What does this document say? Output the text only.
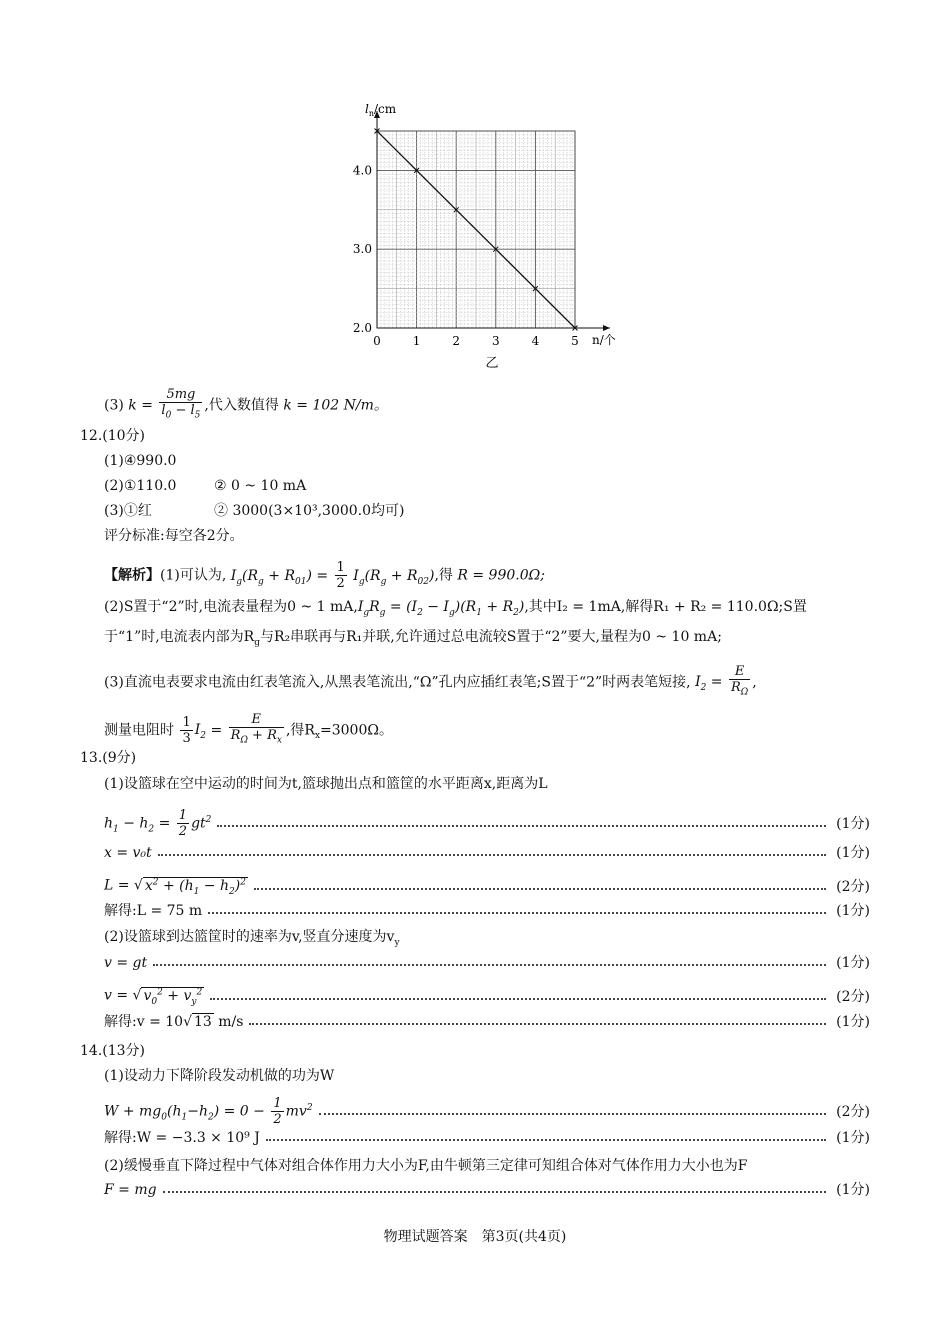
0	1	2	3	4	5
2.0
3.0
4.0
$l_n/cm$
n/个
乙
(3) $k = \frac{5mg}{l_0 - l_5}$ ,代入数值得 k = 102 N/m。
12.(10分)
(1)④990.0
(2)①110.0	② 0 ~ 10 mA
(3)①红	② 3000(3×10³,3000.0均可)
评分标准:每空各2分。
【解析】(1)可认为, $I_g(R_g + R_{01}) = \frac{1}{2} I_g(R_g + R_{02})$,得 R = 990.0Ω;
(2)S置于“2”时,电流表量程为0 ~ 1 $mA,I_gR_g = (I_2 - I_g)(R_1 + R_2)$,其中I₂ = 1mA,解得R₁ + R₂ = 110.0Ω;S置
于“1”时,电流表内部为$R_g$与R₂串联再与R₁并联,允许通过总电流较S置于“2”要大,量程为0 ~ 10 mA;
(3)直流电表要求电流由红表笔流入,从黑表笔流出,“Ω”孔内应插红表笔;S置于“2”时两表笔短接, $I_2 = \frac{E}{R_\Omega}$ ,
测量电阻时 $\frac{1}{3} I_2 = \frac{E}{R_\Omega + R_x}$ ,得$R_x=3000\Omega$。
13.(9分)
(1)设篮球在空中运动的时间为t,篮球抛出点和篮筐的水平距离x,距离为L
$h_1 - h_2 = \frac{1}{2} gt^2$	(1分)
x = v₀t	(1分)
L = √ $x^2 + (h_1 - h_2)^2$	(2分)
解得:L = 75 m	(1分)
(2)设篮球到达篮筐时的速率为v,竖直分速度为$v_y$
v = gt	(1分)
v = √ $v_0^2 + v_y^2$	(2分)
解得:v = 10√ 13 m/s	(1分)
14.(13分)
(1)设动力下降阶段发动机做的功为W
$W + mg_0(h_1-h_2) = 0 - \frac{1}{2} mv^2$	(2分)
解得:W = −3.3 × 10⁹ J	(1分)
(2)缓慢垂直下降过程中气体对组合体作用力大小为F,由牛顿第三定律可知组合体对气体作用力大小也为F
F = mg	(1分)
物理试题答案　第3页(共4页)
